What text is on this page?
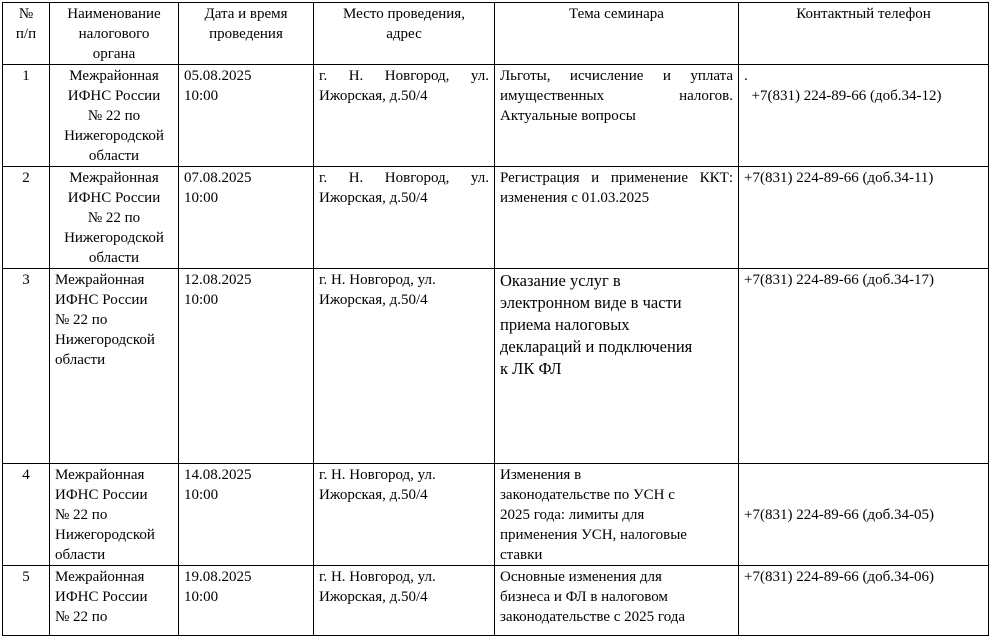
№
п/п	Наименование
налогового
органа	Дата и время
проведения	Место проведения,
адрес	Тема семинара	Контактный телефон

1	Межрайонная
ИФНС России
№ 22 по
Нижегородской
области	05.08.2025
10:00	г. Н. Новгород, ул. Ижорская, д.50/4	Льготы, исчисление и уплата имущественных налогов. Актуальные вопросы	.
+7(831) 224-89-66 (доб.34-12)

2	Межрайонная
ИФНС России
№ 22 по
Нижегородской
области	07.08.2025
10:00	г. Н. Новгород, ул. Ижорская, д.50/4	Регистрация и применение ККТ: изменения с 01.03.2025	+7(831) 224-89-66 (доб.34-11)

3	Межрайонная
ИФНС России
№ 22 по
Нижегородской
области	12.08.2025
10:00	г. Н. Новгород, ул.
Ижорская, д.50/4	Оказание услуг в
электронном виде в части
приема налоговых
деклараций и подключения
к ЛК ФЛ	+7(831) 224-89-66 (доб.34-17)

4	Межрайонная
ИФНС России
№ 22 по
Нижегородской
области	14.08.2025
10:00	г. Н. Новгород, ул.
Ижорская, д.50/4	Изменения в
законодательстве по УСН с
2025 года: лимиты для
применения УСН, налоговые
ставки	+7(831) 224-89-66 (доб.34-05)

5	Межрайонная
ИФНС России
№ 22 по	19.08.2025
10:00	г. Н. Новгород, ул.
Ижорская, д.50/4	Основные изменения для
бизнеса и ФЛ в налоговом
законодательстве с 2025 года	+7(831) 224-89-66 (доб.34-06)
